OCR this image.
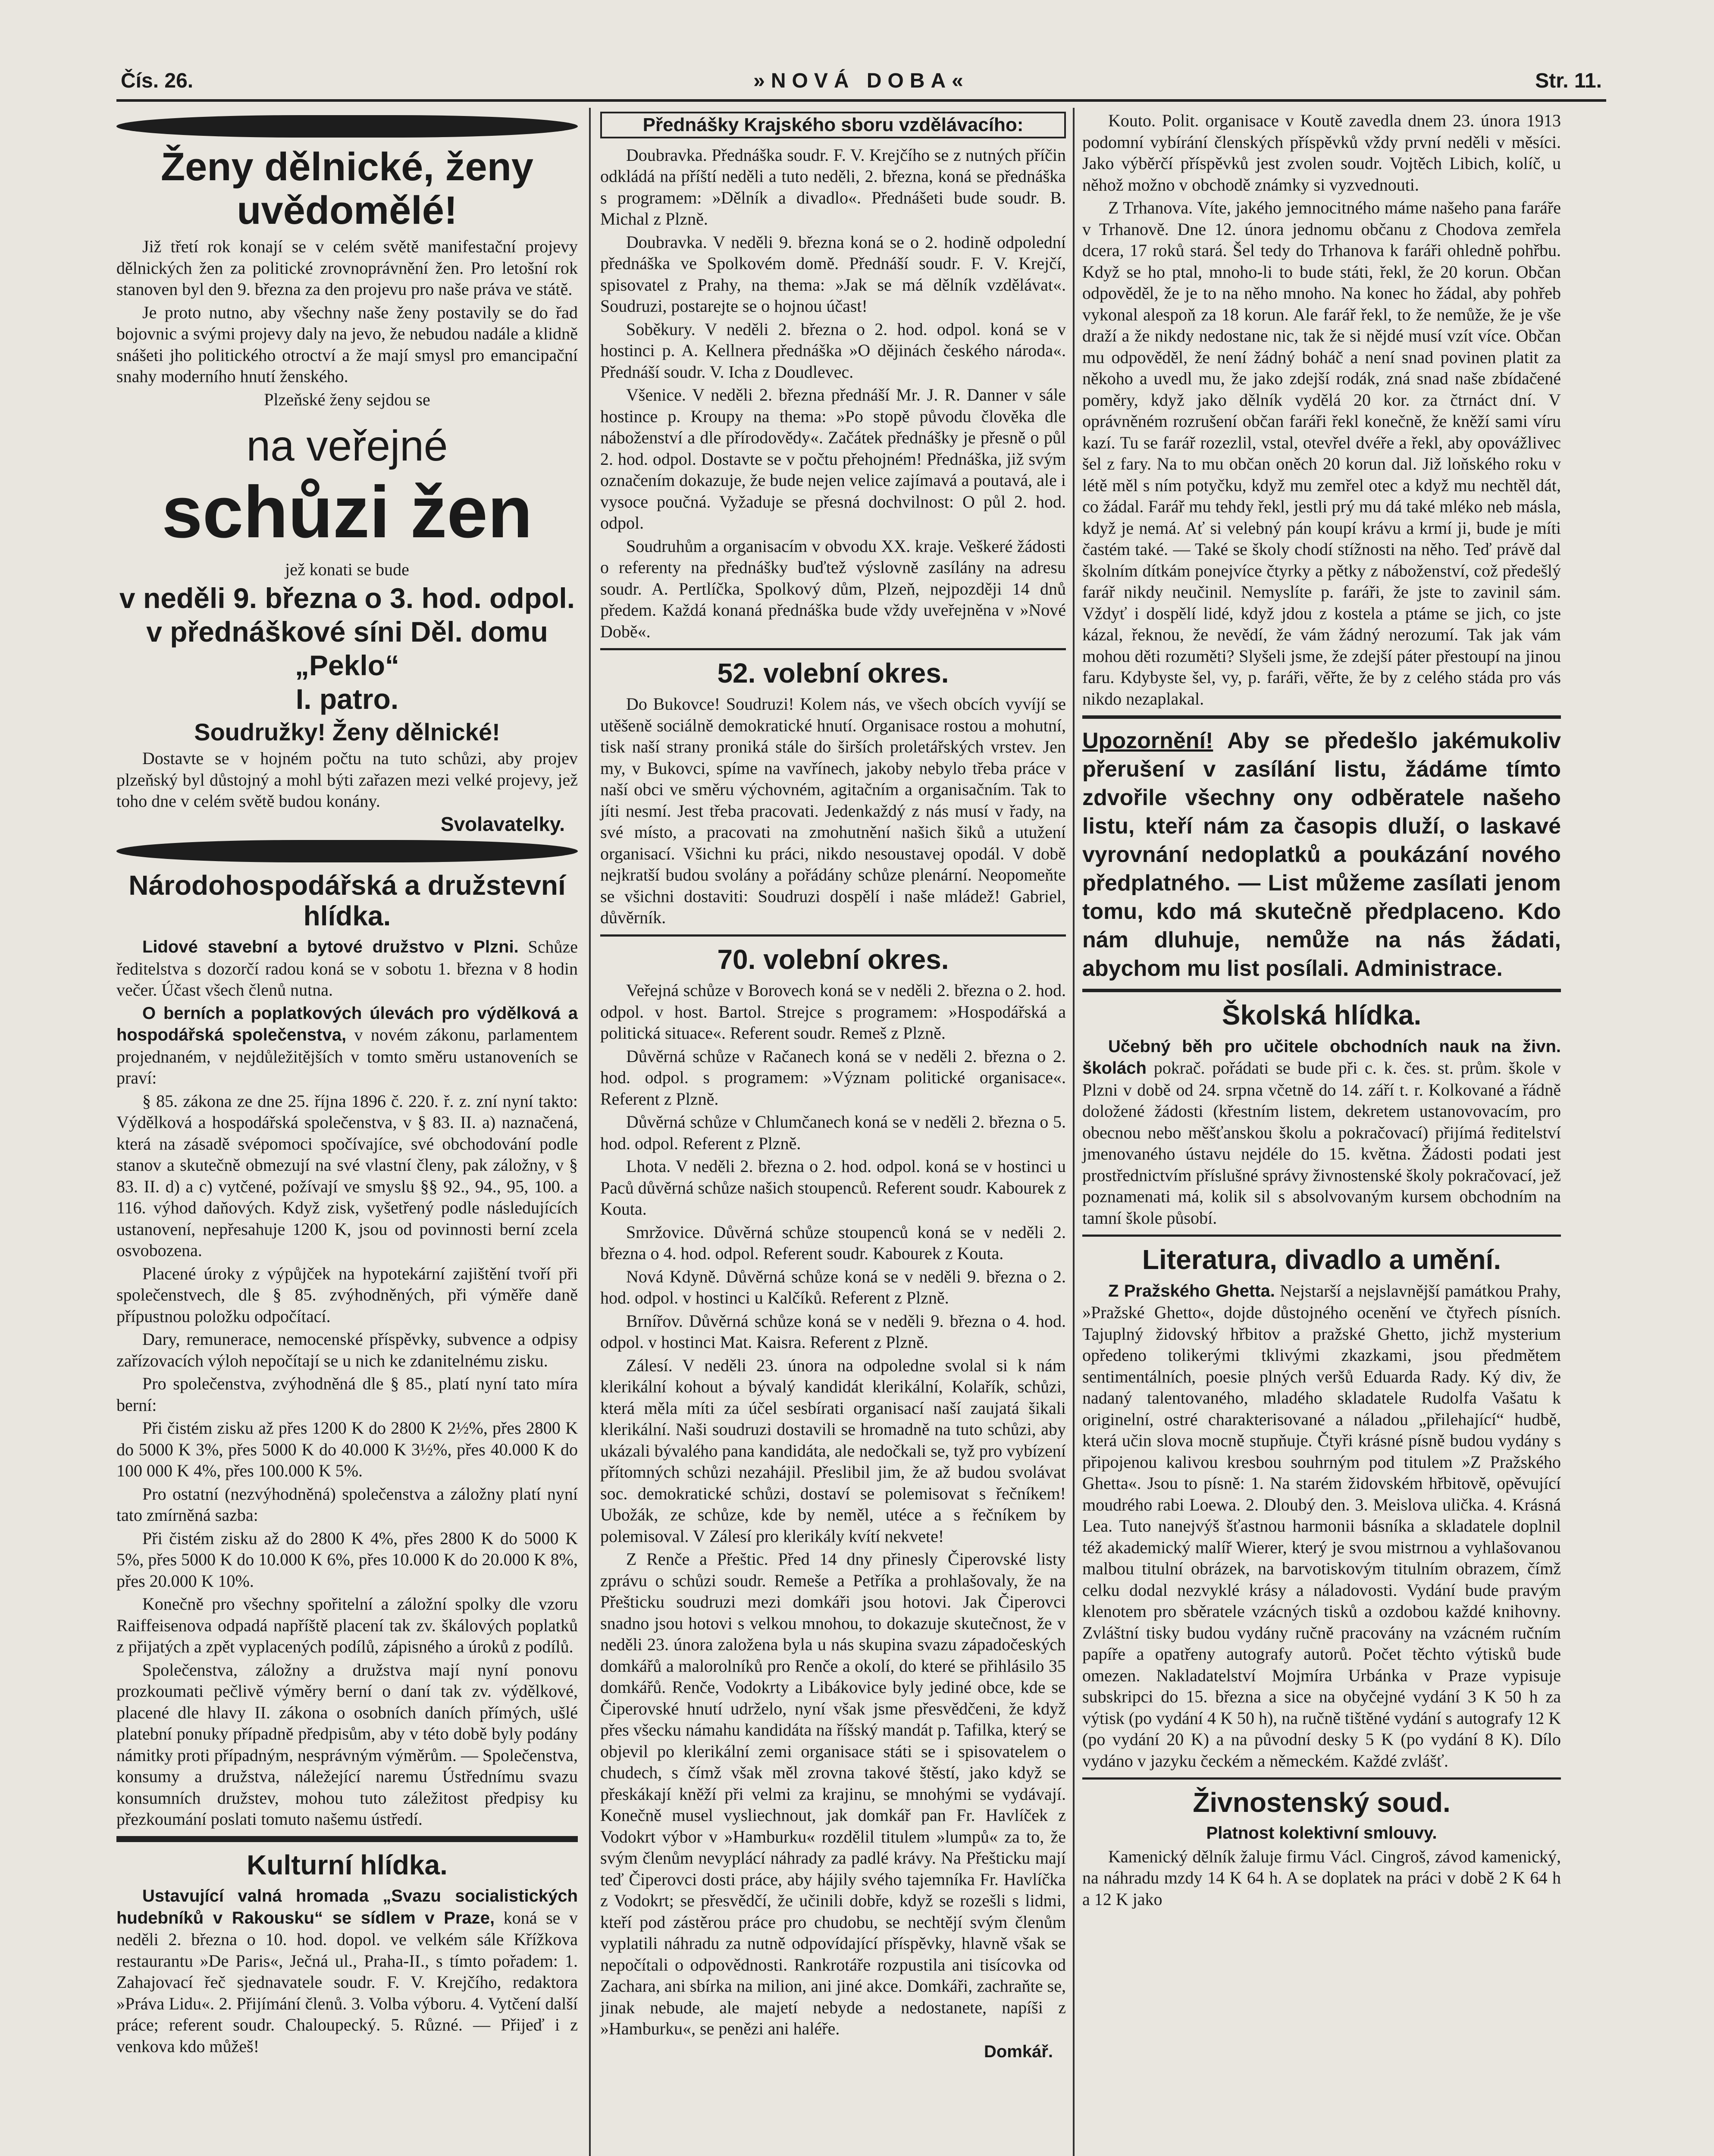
Čís. 26.	»NOVÁ DOBA«	Str. 11.
Ženy dělnické, ženy uvědomělé!

Již třetí rok konají se v celém světě manifestační projevy dělnických žen za politické zrovnoprávnění žen. Pro letošní rok stanoven byl den 9. března za den projevu pro naše práva ve státě.

Je proto nutno, aby všechny naše ženy postavily se do řad bojovnic a svými projevy daly na jevo, že nebudou nadále a klidně snášeti jho politického otroctví a že mají smysl pro emancipační snahy moderního hnutí ženského.

Plzeňské ženy sejdou se

na veřejné
schůzi žen

jež konati se bude

v neděli 9. března o 3. hod. odpol.
v přednáškové síni Děl. domu „Peklo“
I. patro.
Soudružky! Ženy dělnické!

Dostavte se v hojném počtu na tuto schůzi, aby projev plzeňský byl důstojný a mohl býti zařazen mezi velké projevy, jež toho dne v celém světě budou konány.

Svolavatelky.
Národohospodářská a družstevní hlídka.

Lidové stavební a bytové družstvo v Plzni. Schůze ředitelstva s dozorčí radou koná se v sobotu 1. března v 8 hodin večer. Účast všech členů nutna.

O berních a poplatkových úlevách pro výdělková a hospodářská společenstva, v novém zákonu, parlamentem projednaném, v nejdůležitějších v tomto směru ustanoveních se praví:

§ 85. zákona ze dne 25. října 1896 č. 220. ř. z. zní nyní takto: Výdělková a hospodářská společenstva, v § 83. II. a) naznačená, která na zásadě svépomoci spočívajíce, své obchodování podle stanov a skutečně obmezují na své vlastní členy, pak záložny, v § 83. II. d) a c) vytčené, požívají ve smyslu §§ 92., 94., 95, 100. a 116. výhod daňových. Když zisk, vyšetřený podle následujících ustanovení, nepřesahuje 1200 K, jsou od povinnosti berní zcela osvobozena.

Placené úroky z výpůjček na hypotekární zajištění tvoří při společenstvech, dle § 85. zvýhodněných, při výměře daně přípustnou položku odpočítací.

Dary, remunerace, nemocenské příspěvky, subvence a odpisy zařízovacích výloh nepočítají se u nich ke zdanitelnému zisku.

Pro společenstva, zvýhodněná dle § 85., platí nyní tato míra berní:

Při čistém zisku až přes 1200 K do 2800 K 2½%, přes 2800 K do 5000 K 3%, přes 5000 K do 40.000 K 3½%, přes 40.000 K do 100 000 K 4%, přes 100.000 K 5%.

Pro ostatní (nezvýhodněná) společenstva a záložny platí nyní tato zmírněná sazba:

Při čistém zisku až do 2800 K 4%, přes 2800 K do 5000 K 5%, přes 5000 K do 10.000 K 6%, přes 10.000 K do 20.000 K 8%, přes 20.000 K 10%.

Konečně pro všechny spořitelní a záložní spolky dle vzoru Raiffeisenova odpadá napříště placení tak zv. škálových poplatků z přijatých a zpět vyplacených podílů, zápisného a úroků z podílů.

Společenstva, záložny a družstva mají nyní ponovu prozkoumati pečlivě výměry berní o daní tak zv. výdělkové, placené dle hlavy II. zákona o osobních daních přímých, ušlé platební ponuky případně předpisům, aby v této době byly podány námitky proti případným, nesprávným výměrům. — Společenstva, konsumy a družstva, náležející naremu Ústřednímu svazu konsumních družstev, mohou tuto záležitost předpisy ku přezkoumání poslati tomuto našemu ústředí.

Kulturní hlídka.

Ustavující valná hromada „Svazu socialistických hudebníků v Rakousku“ se sídlem v Praze, koná se v neděli 2. března o 10. hod. dopol. ve velkém sále Křížkova restaurantu »De Paris«, Ječná ul., Praha-II., s tímto pořadem: 1. Zahajovací řeč sjednavatele soudr. F. V. Krejčího, redaktora »Práva Lidu«. 2. Přijímání členů. 3. Volba výboru. 4. Vytčení další práce; referent soudr. Chaloupecký. 5. Různé. — Přijeď i z venkova kdo můžeš!

Přednášky Krajského sboru vzdělávacího:

Doubravka. Přednáška soudr. F. V. Krejčího se z nutných příčin odkládá na příští neděli a tuto neděli, 2. března, koná se přednáška s programem: »Dělník a divadlo«. Přednášeti bude soudr. B. Michal z Plzně.

Doubravka. V neděli 9. března koná se o 2. hodině odpolední přednáška ve Spolkovém domě. Přednáší soudr. F. V. Krejčí, spisovatel z Prahy, na thema: »Jak se má dělník vzdělávat«. Soudruzi, postarejte se o hojnou účast!

Soběkury. V neděli 2. března o 2. hod. odpol. koná se v hostinci p. A. Kellnera přednáška »O dějinách českého národa«. Přednáší soudr. V. Icha z Doudlevec.

Všenice. V neděli 2. března přednáší Mr. J. R. Danner v sále hostince p. Kroupy na thema: »Po stopě původu člověka dle náboženství a dle přírodovědy«. Začátek přednášky je přesně o půl 2. hod. odpol. Dostavte se v počtu přehojném! Přednáška, již svým označením dokazuje, že bude nejen velice zajímavá a poutavá, ale i vysoce poučná. Vyžaduje se přesná dochvilnost: O půl 2. hod. odpol.

Soudruhům a organisacím v obvodu XX. kraje. Veškeré žádosti o referenty na přednášky buďtež výslovně zasílány na adresu soudr. A. Pertlíčka, Spolkový dům, Plzeň, nejpozději 14 dnů předem. Každá konaná přednáška bude vždy uveřejněna v »Nové Době«.

52. volební okres.

Do Bukovce! Soudruzi! Kolem nás, ve všech obcích vyvíjí se utěšeně sociálně demokratické hnutí. Organisace rostou a mohutní, tisk naší strany proniká stále do širších proletářských vrstev. Jen my, v Bukovci, spíme na vavřínech, jakoby nebylo třeba práce v naší obci ve směru výchovném, agitačním a organisačním. Tak to jíti nesmí. Jest třeba pracovati. Jedenkaždý z nás musí v řady, na své místo, a pracovati na zmohutnění našich šiků a utužení organisací. Všichni ku práci, nikdo nesoustavej opodál. V době nejkratší budou svolány a pořádány schůze plenární. Neopomeňte se všichni dostaviti: Soudruzi dospělí i naše mládež! Gabriel, důvěrník.

70. volební okres.

Veřejná schůze v Borovech koná se v neděli 2. března o 2. hod. odpol. v host. Bartol. Strejce s programem: »Hospodářská a politická situace«. Referent soudr. Remeš z Plzně.

Důvěrná schůze v Račanech koná se v neděli 2. března o 2. hod. odpol. s programem: »Význam politické organisace«. Referent z Plzně.

Důvěrná schůze v Chlumčanech koná se v neděli 2. března o 5. hod. odpol. Referent z Plzně.

Lhota. V neděli 2. března o 2. hod. odpol. koná se v hostinci u Paců důvěrná schůze našich stoupenců. Referent soudr. Kabourek z Kouta.

Smržovice. Důvěrná schůze stoupenců koná se v neděli 2. března o 4. hod. odpol. Referent soudr. Kabourek z Kouta.

Nová Kdyně. Důvěrná schůze koná se v neděli 9. března o 2. hod. odpol. v hostinci u Kalčíků. Referent z Plzně.

Brnířov. Důvěrná schůze koná se v neděli 9. března o 4. hod. odpol. v hostinci Mat. Kaisra. Referent z Plzně.

Zálesí. V neděli 23. února na odpoledne svolal si k nám klerikální kohout a bývalý kandidát klerikální, Kolařík, schůzi, která měla míti za účel sesbírati organisací naší zaujatá šikali klerikální. Naši soudruzi dostavili se hromadně na tuto schůzi, aby ukázali bývalého pana kandidáta, ale nedočkali se, tyž pro vybízení přítomných schůzi nezahájil. Přeslibil jim, že až budou svolávat soc. demokratické schůzi, dostaví se polemisovat s řečníkem! Ubožák, ze schůze, kde by neměl, utéce a s řečníkem by polemisoval. V Zálesí pro klerikály kvítí nekvete!

Z Renče a Přeštic. Před 14 dny přinesly Čiperovské listy zprávu o schůzi soudr. Remeše a Petříka a prohlašovaly, že na Přešticku soudruzi mezi domkáři jsou hotovi. Jak Čiperovci snadno jsou hotovi s velkou mnohou, to dokazuje skutečnost, že v neděli 23. února založena byla u nás skupina svazu západočeských domkářů a malorolníků pro Renče a okolí, do které se přihlásilo 35 domkářů. Renče, Vodokrty a Libákovice byly jediné obce, kde se Čiperovské hnutí udrželo, nyní však jsme přesvědčeni, že když přes všecku námahu kandidáta na říšský mandát p. Tafilka, který se objevil po klerikální zemi organisace státi se i spisovatelem o chudech, s čímž však měl zrovna takové štěstí, jako když se přeskákají kněží při velmi za krajinu, se mnohými se vydávají. Konečně musel vysliechnout, jak domkář pan Fr. Havlíček z Vodokrt výbor v »Hamburku« rozdělil titulem »lumpů« za to, že svým členům nevyplácí náhrady za padlé krávy. Na Přešticku mají teď Čiperovci dosti práce, aby hájily svého tajemníka Fr. Havlíčka z Vodokrt; se přesvědčí, že učinili dobře, když se rozešli s lidmi, kteří pod zástěrou práce pro chudobu, se nechtějí svým členům vyplatili náhradu za nutně odpovídající příspěvky, hlavně však se nepočítali o odpovědnosti. Rankrotáře rozpustila ani tisícovka od Zachara, ani sbírka na milion, ani jiné akce. Domkáři, zachraňte se, jinak nebude, ale majetí nebyde a nedostanete, napíši z »Hamburku«, se penězi ani haléře.

Domkář.

Kouto. Polit. organisace v Koutě zavedla dnem 23. února 1913 podomní vybírání členských příspěvků vždy první neděli v měsíci. Jako výběrčí příspěvků jest zvolen soudr. Vojtěch Libich, kolíč, u něhož možno v obchodě známky si vyzvednouti.

Z Trhanova. Víte, jakého jemnocitného máme našeho pana faráře v Trhanově. Dne 12. února jednomu občanu z Chodova zemřela dcera, 17 roků stará. Šel tedy do Trhanova k faráři ohledně pohřbu. Když se ho ptal, mnoho-li to bude státi, řekl, že 20 korun. Občan odpověděl, že je to na něho mnoho. Na konec ho žádal, aby pohřeb vykonal alespoň za 18 korun. Ale farář řekl, to že nemůže, že je vše draží a že nikdy nedostane nic, tak že si nějdé musí vzít více. Občan mu odpověděl, že není žádný boháč a není snad povinen platit za někoho a uvedl mu, že jako zdejší rodák, zná snad naše zbídačené poměry, když jako dělník vydělá 20 kor. za čtrnáct dní. V oprávněném rozrušení občan faráři řekl konečně, že kněží sami víru kazí. Tu se farář rozezlil, vstal, otevřel dvéře a řekl, aby opovážlivec šel z fary. Na to mu občan oněch 20 korun dal. Již loňského roku v létě měl s ním potyčku, když mu zemřel otec a když mu nechtěl dát, co žádal. Farář mu tehdy řekl, jestli prý mu dá také mléko neb másla, když je nemá. Ať si velebný pán koupí krávu a krmí ji, bude je míti častém také. — Také se školy chodí stížnosti na něho. Teď právě dal školním dítkám ponejvíce čtyrky a pětky z náboženství, což předešlý farář nikdy neučinil. Nemyslíte p. faráři, že jste to zavinil sám. Vždyť i dospělí lidé, když jdou z kostela a ptáme se jich, co jste kázal, řeknou, že nevědí, že vám žádný nerozumí. Tak jak vám mohou děti rozuměti? Slyšeli jsme, že zdejší páter přestoupí na jinou faru. Kdybyste šel, vy, p. faráři, věřte, že by z celého stáda pro vás nikdo nezaplakal.

Upozornění! Aby se předešlo jakémukoliv přerušení v zasílání listu, žádáme tímto zdvořile všechny ony odběratele našeho listu, kteří nám za časopis dluží, o laskavé vyrovnání nedoplatků a poukázání nového předplatného. — List můžeme zasílati jenom tomu, kdo má skutečně předplaceno. Kdo nám dluhuje, nemůže na nás žádati, abychom mu list posílali. Administrace.
Školská hlídka.

Učebný běh pro učitele obchodních nauk na živn. školách pokrač. pořádati se bude při c. k. čes. st. prům. škole v Plzni v době od 24. srpna včetně do 14. září t. r. Kolkované a řádně doložené žádosti (křestním listem, dekretem ustanovovacím, pro obecnou nebo měšťanskou školu a pokračovací) přijímá ředitelství jmenovaného ústavu nejdéle do 15. května. Žádosti podati jest prostřednictvím příslušné správy živnostenské školy pokračovací, jež poznamenati má, kolik sil s absolvovaným kursem obchodním na tamní škole působí.

Literatura, divadlo a umění.

Z Pražského Ghetta. Nejstarší a nejslavnější památkou Prahy, »Pražské Ghetto«, dojde důstojného ocenění ve čtyřech písních. Tajuplný židovský hřbitov a pražské Ghetto, jichž mysterium opředeno tolikerými tklivými zkazkami, jsou předmětem sentimentálních, poesie plných veršů Eduarda Rady. Ký div, že nadaný talentovaného, mladého skladatele Rudolfa Vašatu k originelní, ostré charakterisované a náladou „přilehající“ hudbě, která učin slova mocně stupňuje. Čtyři krásné písně budou vydány s připojenou kalivou kresbou souhrným pod titulem »Z Pražského Ghetta«. Jsou to písně: 1. Na starém židovském hřbitově, opěvující moudrého rabi Loewa. 2. Dloubý den. 3. Meislova ulička. 4. Krásná Lea. Tuto nanejvýš šťastnou harmonii básníka a skladatele doplnil též akademický malíř Wierer, který je svou mistrnou a vyhlašovanou malbou titulní obrázek, na barvotiskovým titulním obrazem, čímž celku dodal nezvyklé krásy a náladovosti. Vydání bude pravým klenotem pro sběratele vzácných tisků a ozdobou každé knihovny. Zvláštní tisky budou vydány ručně pracovány na vzácném ručním papíře a opatřeny autografy autorů. Počet těchto výtisků bude omezen. Nakladatelství Mojmíra Urbánka v Praze vypisuje subskripci do 15. března a sice na obyčejné vydání 3 K 50 h za výtisk (po vydání 4 K 50 h), na ručně tištěné vydání s autografy 12 K (po vydání 20 K) a na původní desky 5 K (po vydání 8 K). Dílo vydáno v jazyku čeckém a německém. Každé zvlášť.

Živnostenský soud.

Platnost kolektivní smlouvy.

Kamenický dělník žaluje firmu Václ. Cingroš, závod kamenický, na náhradu mzdy 14 K 64 h. A se doplatek na práci v době 2 K 64 h a 12 K jako
